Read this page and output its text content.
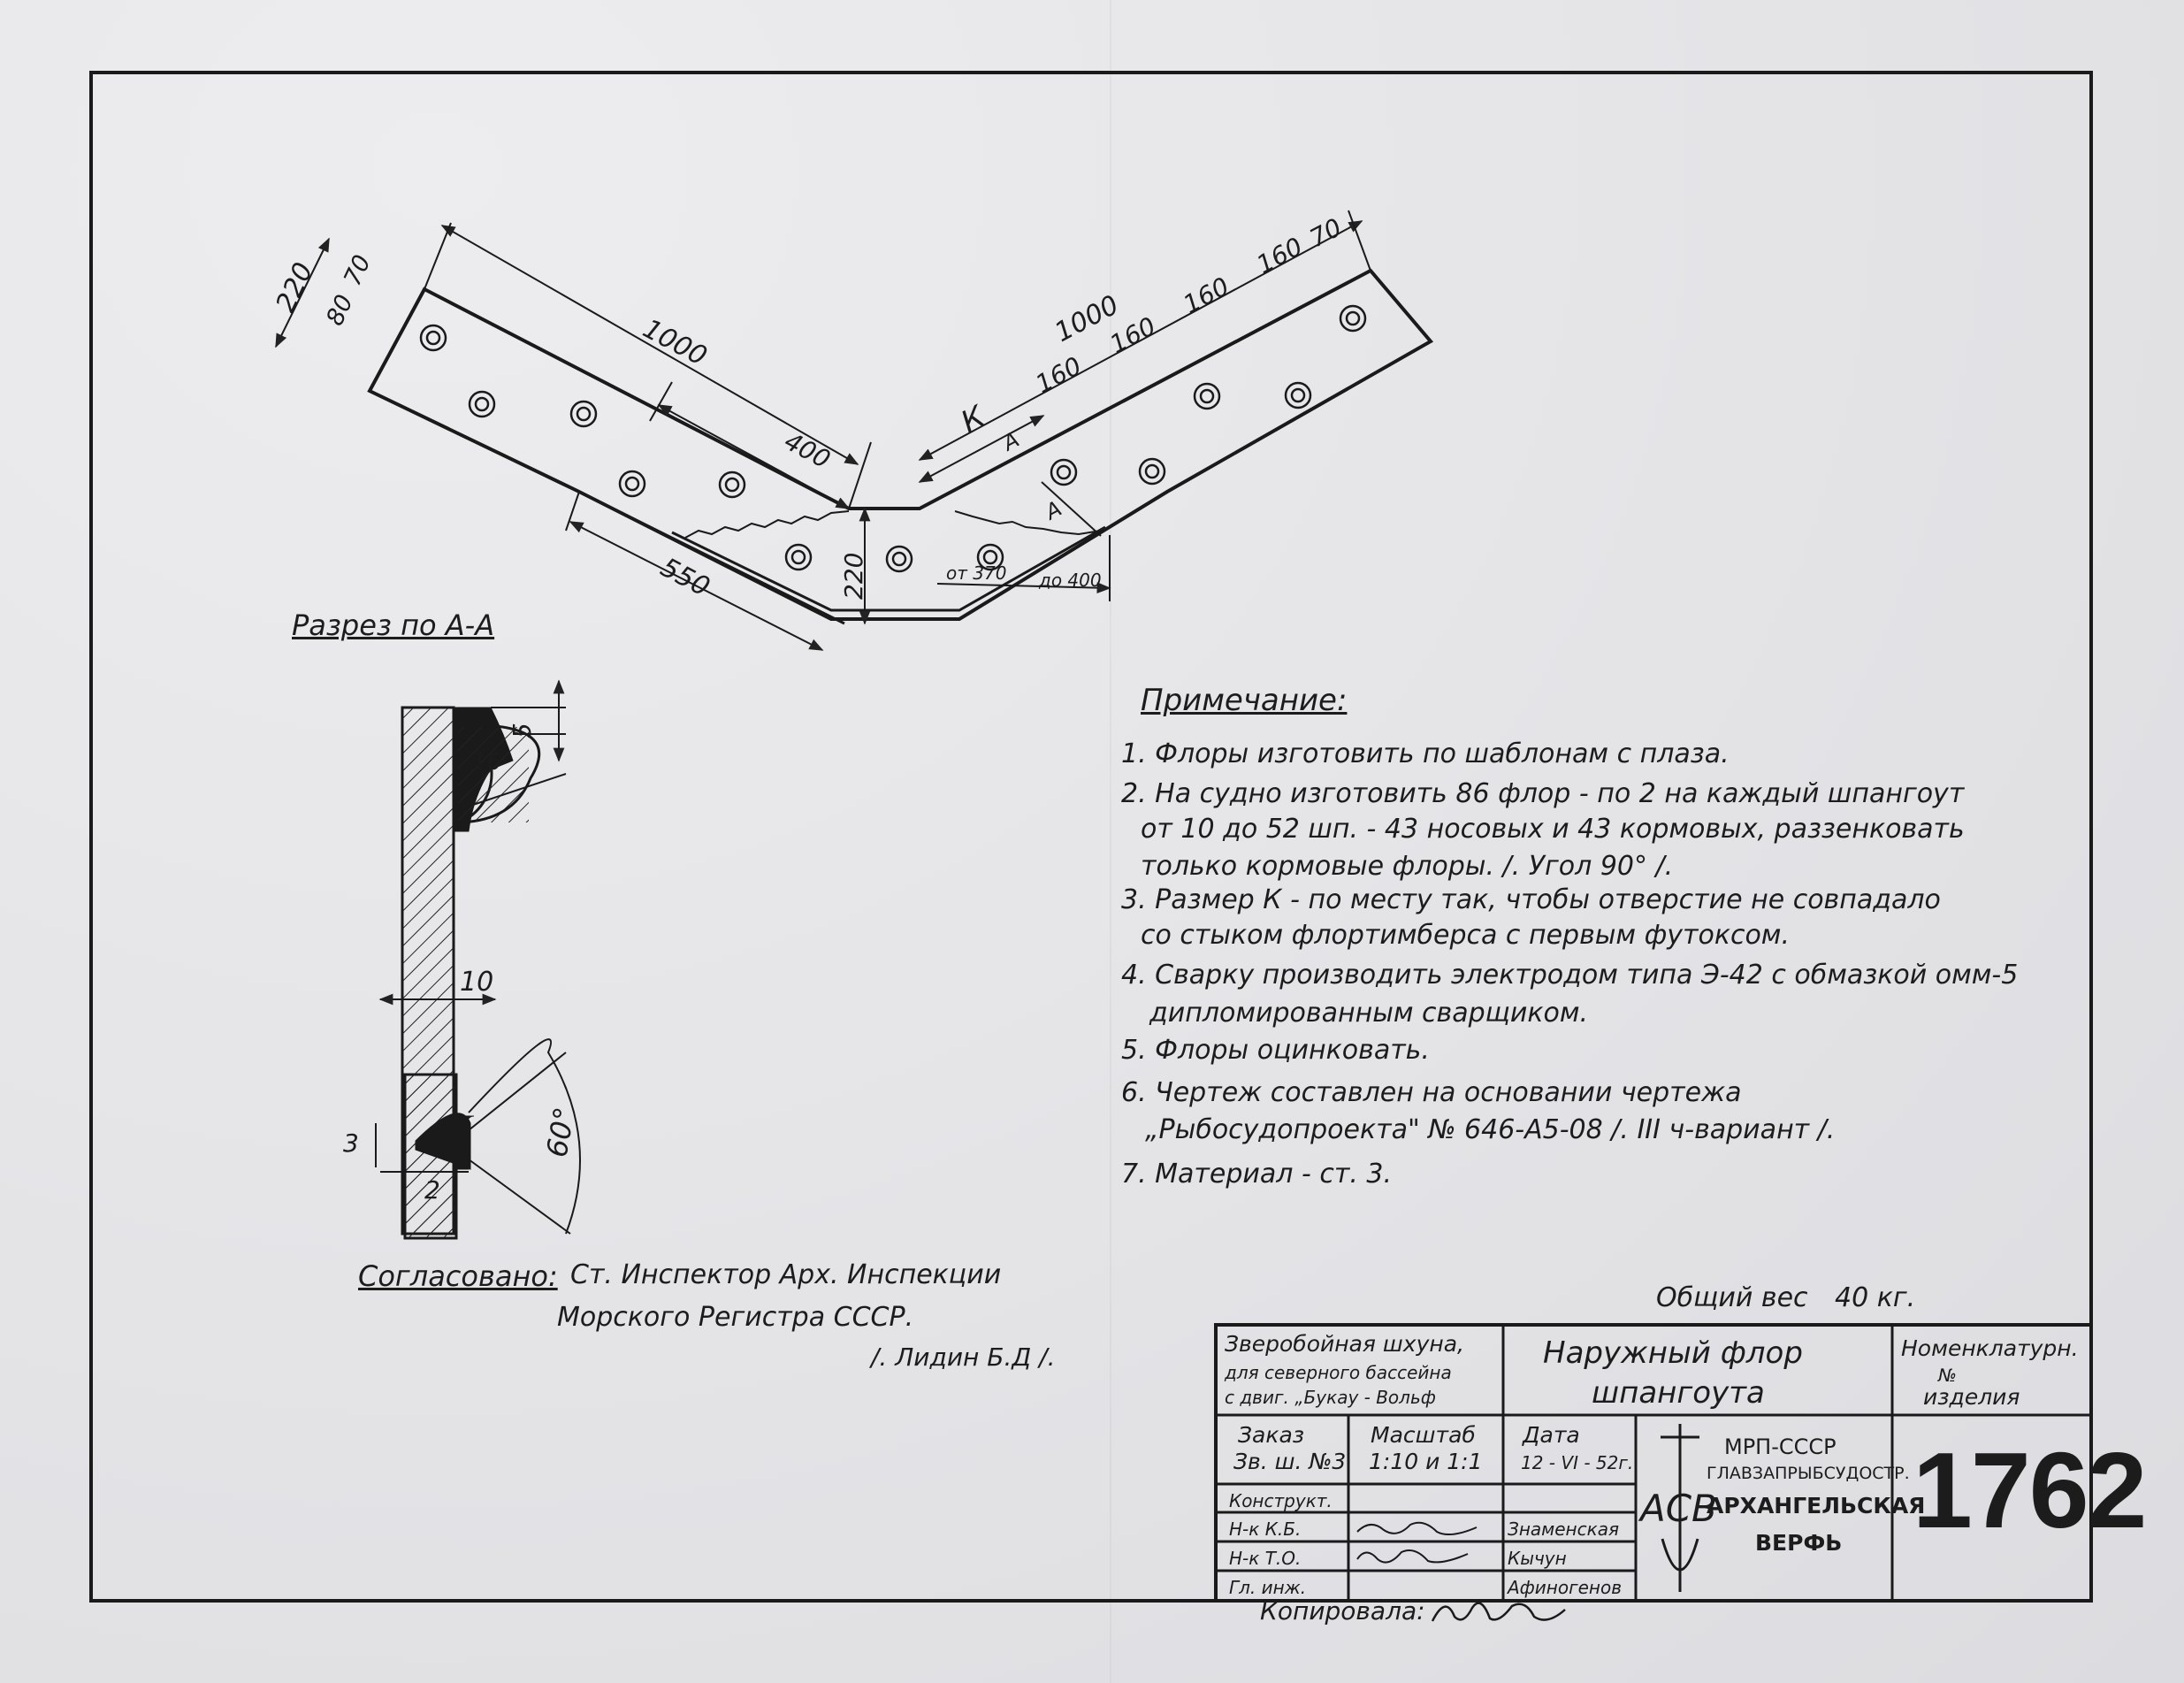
220 80
70
1000
400
550	220
1000
160
160
160
160
70
К
А
А
от 370 до 400
5
16
10
3
2
60°
АСВ
Разрез по А-А
Примечание:
1. Флоры изготовить по шаблонам с плаза.
2. На судно изготовить 86 флор - по 2 на каждый шпангоут
от 10 до 52 шп. - 43 носовых и 43 кормовых, раззенковать
только кормовые флоры. /. Угол 90° /.
3. Размер К - по месту так, чтобы отверстие не совпадало
со стыком флортимберса с первым футоксом.
4. Сварку производить электродом типа Э-42 с обмазкой омм-5
дипломированным сварщиком.
5. Флоры оцинковать.
6. Чертеж составлен на основании чертежа
„Рыбосудопроекта" № 646-А5-08 /. III ч-вариант /.
7. Материал - ст. 3.
Согласовано: Ст. Инспектор Арх. Инспекции
Морского Регистра СССР.
/. Лидин Б.Д /.
Общий вес 40 кг.
Зверобойная шхуна,
для северного бассейна
с двиг. „Букау - Вольф
Наружный флор
шпангоута
Номенклатурн.
№
изделия
Заказ
Зв. ш. №3
Масштаб
1:10 и 1:1
Дата
12 - VI - 52г.
Конструкт.
Н-к К.Б.
Н-к Т.О.
Гл. инж.
Знаменская
Кычун
Афиногенов
МРП-СССР
ГЛАВЗАПРЫБСУДОСТР.
АРХАНГЕЛЬСКАЯ
ВЕРФЬ 1762
Копировала:
